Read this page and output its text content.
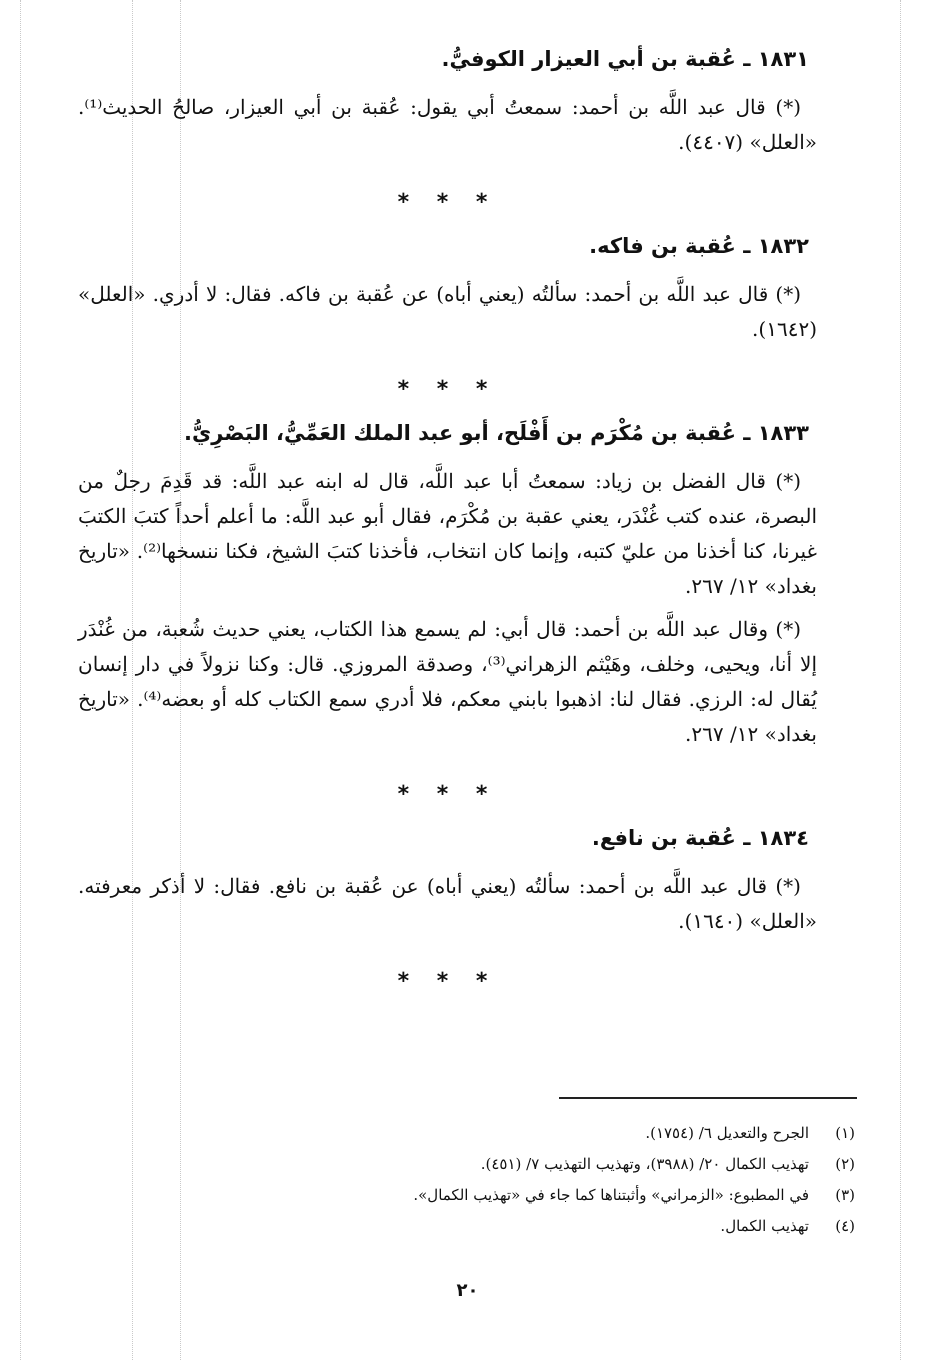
١٨٣١ ـ عُقبة بن أبي العيزار الكوفيُّ.

(*) قال عبد اللَّه بن أحمد: سمعتُ أبي يقول: عُقبة بن أبي العيزار، صالحُ الحديث⁽¹⁾. «العلل» (٤٤٠٧).

* * *
١٨٣٢ ـ عُقبة بن فاكه.

(*) قال عبد اللَّه بن أحمد: سألتُه (يعني أباه) عن عُقبة بن فاكه. فقال: لا أدري. «العلل» (١٦٤٢).

* * *
١٨٣٣ ـ عُقبة بن مُكْرَم بن أَفْلَح، أبو عبد الملك العَمِّيُّ، البَصْرِيُّ.

(*) قال الفضل بن زياد: سمعتُ أبا عبد اللَّه، قال له ابنه عبد اللَّه: قد قَدِمَ رجلٌ من البصرة، عنده كتب غُنْدَر، يعني عقبة بن مُكْرَم، فقال أبو عبد اللَّه: ما أعلم أحداً كتبَ الكتبَ غيرنا، كنا أخذنا من عليّ كتبه، وإنما كان انتخاب، فأخذنا كتبَ الشيخ، فكنا ننسخها⁽²⁾. «تاريخ بغداد» ١٢/ ٢٦٧.

(*) وقال عبد اللَّه بن أحمد: قال أبي: لم يسمع هذا الكتاب، يعني حديث شُعبة، من غُنْدَر إلا أنا، ويحيى، وخلف، وهَيْثم الزهراني⁽³⁾، وصدقة المروزي. قال: وكنا نزولاً في دار إنسان يُقال له: الرزي. فقال لنا: اذهبوا بابني معكم، فلا أدري سمع الكتاب كله أو بعضه⁽⁴⁾. «تاريخ بغداد» ١٢/ ٢٦٧.

* * *
١٨٣٤ ـ عُقبة بن نافع.

(*) قال عبد اللَّه بن أحمد: سألتُه (يعني أباه) عن عُقبة بن نافع. فقال: لا أذكر معرفته. «العلل» (١٦٤٠).

* * *
(١)الجرح والتعديل ٦/ (١٧٥٤).
(٢)تهذيب الكمال ٢٠/ (٣٩٨٨)، وتهذيب التهذيب ٧/ (٤٥١).
(٣)في المطبوع: «الزمراني» وأثبتناها كما جاء في «تهذيب الكمال».
(٤)تهذيب الكمال.
٢٠
